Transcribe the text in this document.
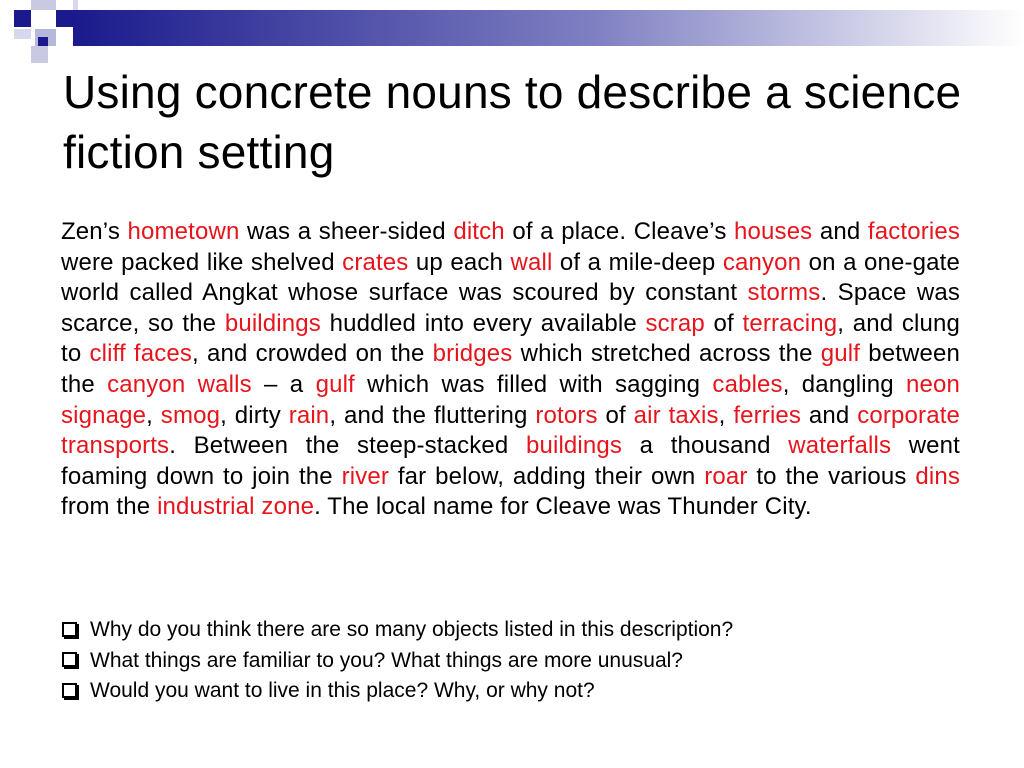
Using concrete nouns to describe a science fiction setting

Zen’s hometown was a sheer-sided ditch of a place. Cleave’s houses and factories were packed like shelved crates up each wall of a mile-deep canyon on a one-gate world called Angkat whose surface was scoured by constant storms. Space was scarce, so the buildings huddled into every available scrap of terracing, and clung to cliff faces, and crowded on the bridges which stretched across the gulf between the canyon walls – a gulf which was filled with sagging cables, dangling neon signage, smog, dirty rain, and the fluttering rotors of air taxis, ferries and corporate transports. Between the steep-stacked buildings a thousand waterfalls went foaming down to join the river far below, adding their own roar to the various dins from the industrial zone. The local name for Cleave was Thunder City.

Why do you think there are so many objects listed in this description?
What things are familiar to you? What things are more unusual?
Would you want to live in this place? Why, or why not?
